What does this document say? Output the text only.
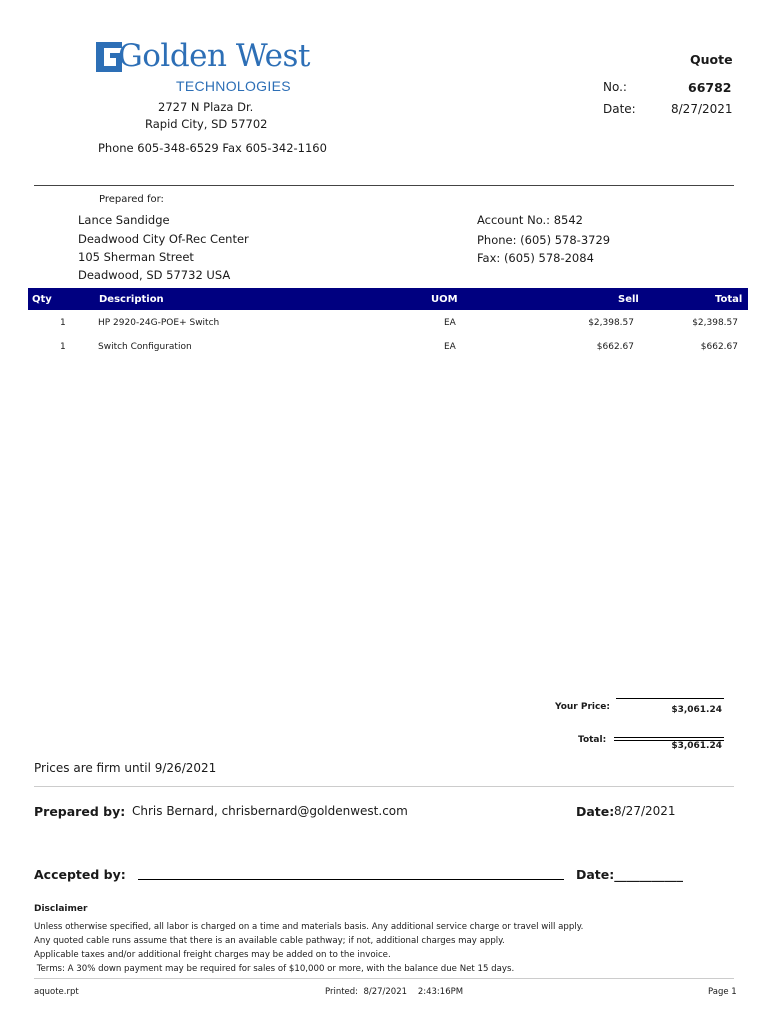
Golden West
TECHNOLOGIES
2727 N Plaza Dr.
Rapid City, SD 57702
Phone 605-348-6529 Fax 605-342-1160
Quote
No.:	66782
Date:	8/27/2021
Prepared for:
Lance Sandidge
Deadwood City Of-Rec Center
105 Sherman Street
Deadwood, SD 57732 USA
Account No.: 8542
Phone: (605) 578-3729
Fax: (605) 578-2084
Qty	Description	UOM	Sell	Total
1	HP 2920-24G-POE+ Switch	EA	$2,398.57	$2,398.57
1	Switch Configuration	EA	$662.67	$662.67
Your Price:	$3,061.24
Total:
$3,061.24
Prices are firm until 9/26/2021
Prepared by: Chris Bernard, chrisbernard@goldenwest.com	Date: 8/27/2021
Accepted by:	Date:___________
Disclaimer
Unless otherwise specified, all labor is charged on a time and materials basis. Any additional service charge or travel will apply.
Any quoted cable runs assume that there is an available cable pathway; if not, additional charges may apply.
Applicable taxes and/or additional freight charges may be added on to the invoice.
Terms: A 30% down payment may be required for sales of $10,000 or more, with the balance due Net 15 days.
aquote.rpt	Printed:  8/27/2021    2:43:16PM	Page 1
